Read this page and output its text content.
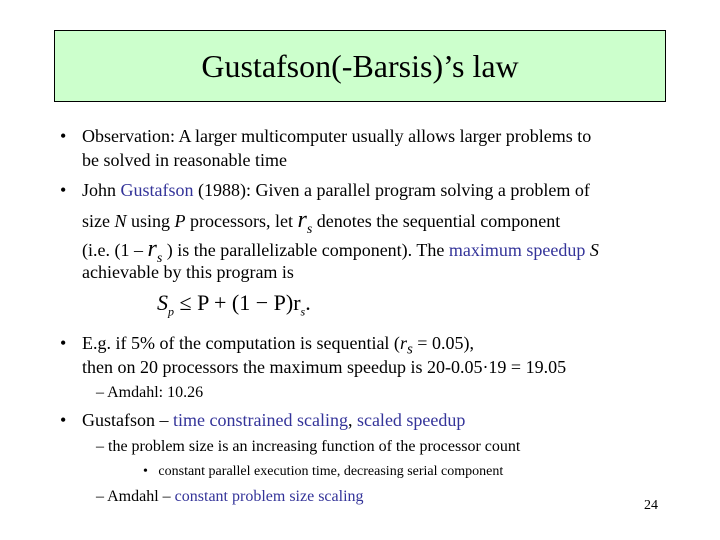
Gustafson(-Barsis)’s law
• Observation: A larger multicomputer usually allows larger problems to
be solved in reasonable time
• John Gustafson (1988): Given a parallel program solving a problem of
size N using P processors, let $r_s$ denotes the sequential component
(i.e. ($1 - r_s$ ) is the parallelizable component). The maximum speedup S
achievable by this program is
$S_p \le P + (1 - P)r_s$.
• E.g. if 5% of the computation is sequential $(r_s = 0.05)$,
then on 20 processors the maximum speedup is 20-0.05·19 = 19.05
– Amdahl: 10.26
• Gustafson – time constrained scaling, scaled speedup
– the problem size is an increasing function of the processor count
•   constant parallel execution time, decreasing serial component
– Amdahl – constant problem size scaling
24
